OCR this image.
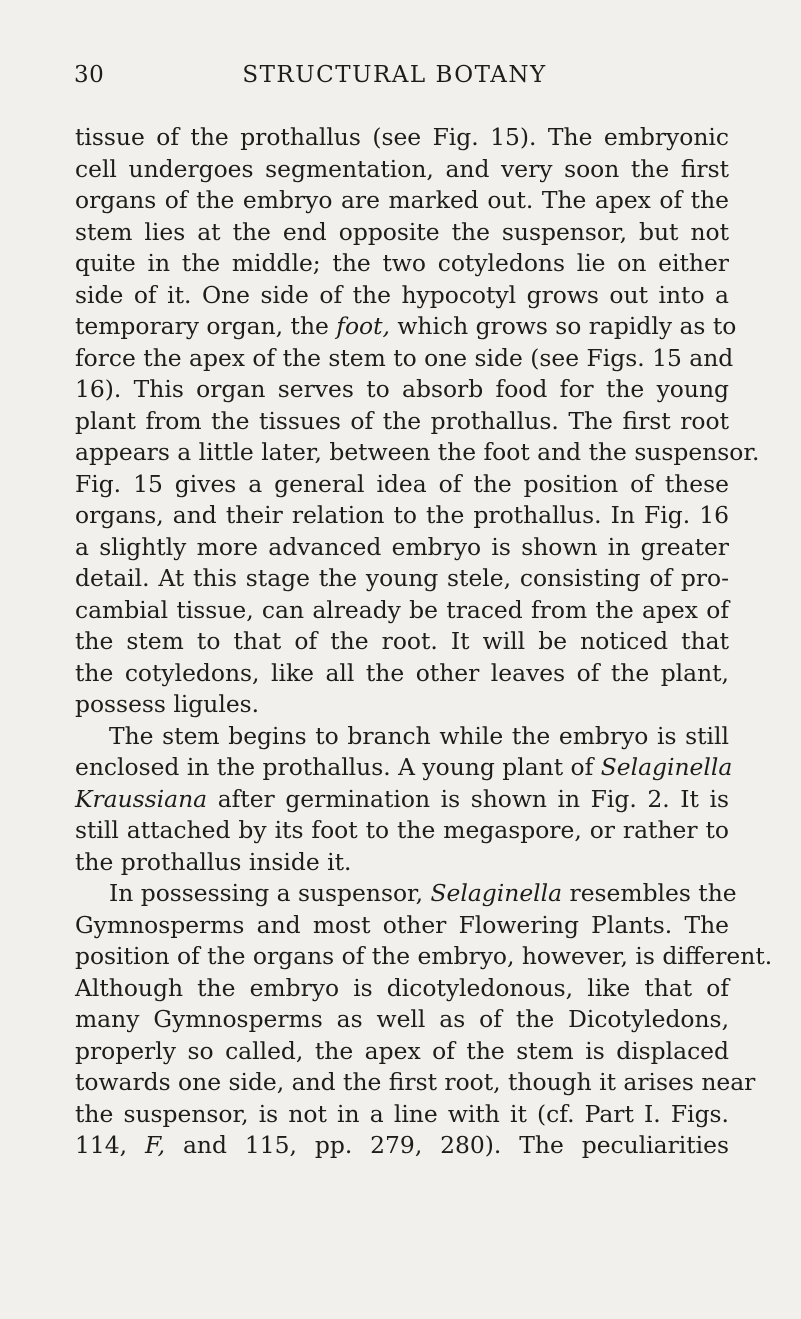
30	STRUCTURAL BOTANY
tissue of the prothallus (see Fig. 15). The embryonic
cell undergoes segmentation, and very soon the first
organs of the embryo are marked out. The apex of the
stem lies at the end opposite the suspensor, but not
quite in the middle; the two cotyledons lie on either
side of it. One side of the hypocotyl grows out into a
temporary organ, the foot, which grows so rapidly as to
force the apex of the stem to one side (see Figs. 15 and
16). This organ serves to absorb food for the young
plant from the tissues of the prothallus. The first root
appears a little later, between the foot and the suspensor.
Fig. 15 gives a general idea of the position of these
organs, and their relation to the prothallus. In Fig. 16
a slightly more advanced embryo is shown in greater
detail. At this stage the young stele, consisting of pro-
cambial tissue, can already be traced from the apex of
the stem to that of the root. It will be noticed that
the cotyledons, like all the other leaves of the plant,
possess ligules.
The stem begins to branch while the embryo is still
enclosed in the prothallus. A young plant of Selaginella
Kraussiana after germination is shown in Fig. 2. It is
still attached by its foot to the megaspore, or rather to
the prothallus inside it.
In possessing a suspensor, Selaginella resembles the
Gymnosperms and most other Flowering Plants. The
position of the organs of the embryo, however, is different.
Although the embryo is dicotyledonous, like that of
many Gymnosperms as well as of the Dicotyledons,
properly so called, the apex of the stem is displaced
towards one side, and the first root, though it arises near
the suspensor, is not in a line with it (cf. Part I. Figs.
114, F, and 115, pp. 279, 280). The peculiarities
